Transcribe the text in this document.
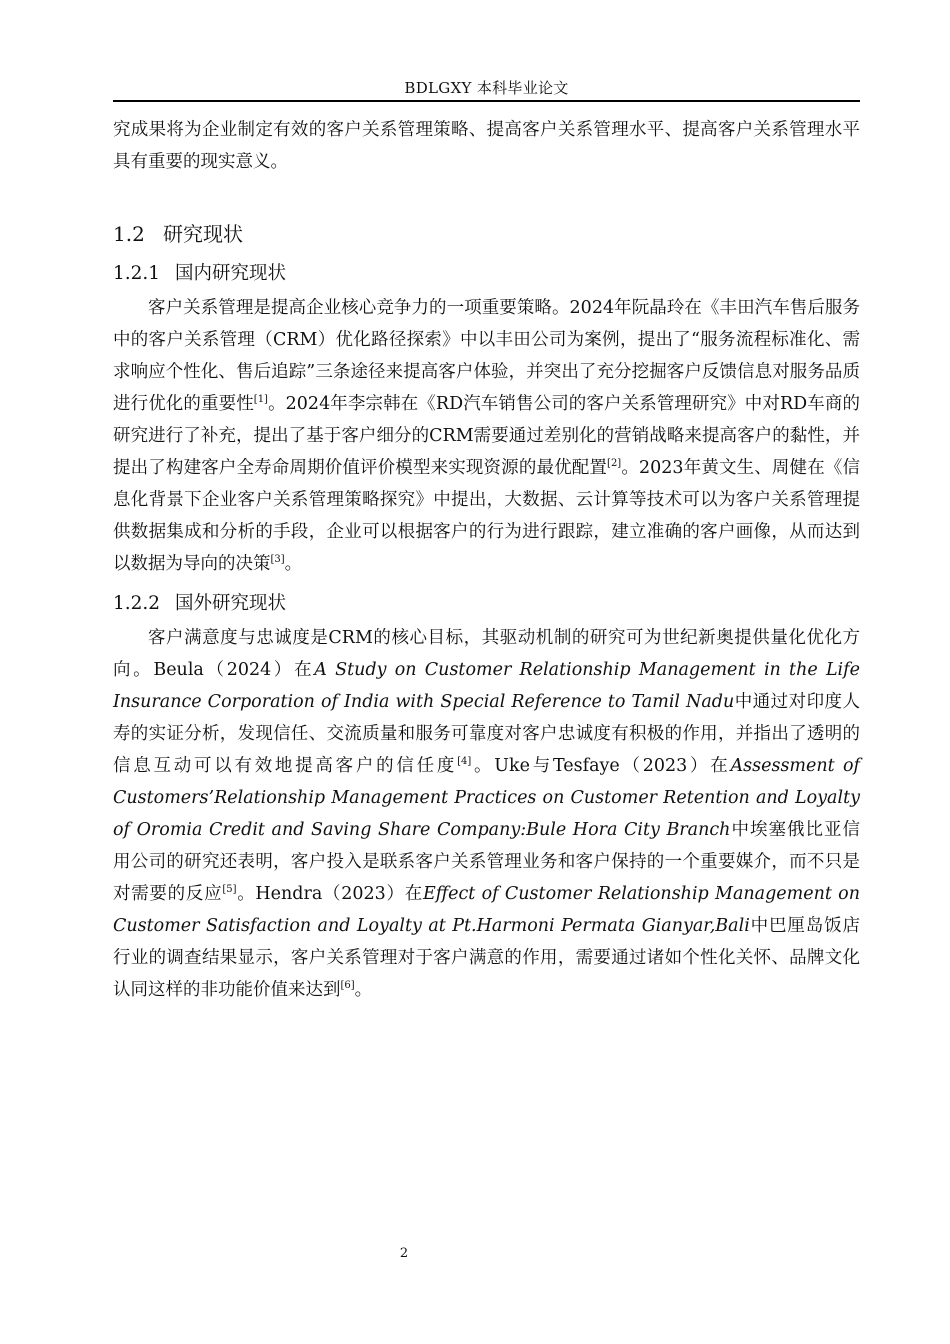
BDLGXY 本科毕业论文

究成果将为企业制定有效的客户关系管理策略、提高客户关系管理水平、提高客户关系管理水平具有重要的现实意义。

1.2 研究现状
1.2.1 国内研究现状

客户关系管理是提高企业核心竞争力的一项重要策略。2024年阮晶玲在《丰田汽车售后服务中的客户关系管理（CRM）优化路径探索》中以丰田公司为案例，提出了“服务流程标准化、需求响应个性化、售后追踪”三条途径来提高客户体验，并突出了充分挖掘客户反馈信息对服务品质进行优化的重要性[1]。2024年李宗韩在《RD汽车销售公司的客户关系管理研究》中对RD车商的研究进行了补充，提出了基于客户细分的CRM需要通过差别化的营销战略来提高客户的黏性，并提出了构建客户全寿命周期价值评价模型来实现资源的最优配置[2]。2023年黄文生、周健在《信息化背景下企业客户关系管理策略探究》中提出，大数据、云计算等技术可以为客户关系管理提供数据集成和分析的手段，企业可以根据客户的行为进行跟踪，建立准确的客户画像，从而达到以数据为导向的决策[3]。

1.2.2 国外研究现状

客户满意度与忠诚度是CRM的核心目标，其驱动机制的研究可为世纪新奥提供量化优化方向。Beula（2024）在A Study on Customer Relationship Management in the Life Insurance Corporation of India with Special Reference to Tamil Nadu中通过对印度人寿的实证分析，发现信任、交流质量和服务可靠度对客户忠诚度有积极的作用，并指出了透明的信息互动可以有效地提高客户的信任度[4]。Uke与Tesfaye（2023）在Assessment of Customers’Relationship Management Practices on Customer Retention and Loyalty of Oromia Credit and Saving Share Company:Bule Hora City Branch中埃塞俄比亚信用公司的研究还表明，客户投入是联系客户关系管理业务和客户保持的一个重要媒介，而不只是对需要的反应[5]。Hendra（2023）在Effect of Customer Relationship Management on Customer Satisfaction and Loyalty at Pt.Harmoni Permata Gianyar,Bali中巴厘岛饭店行业的调查结果显示，客户关系管理对于客户满意的作用，需要通过诸如个性化关怀、品牌文化认同这样的非功能价值来达到[6]。

2
